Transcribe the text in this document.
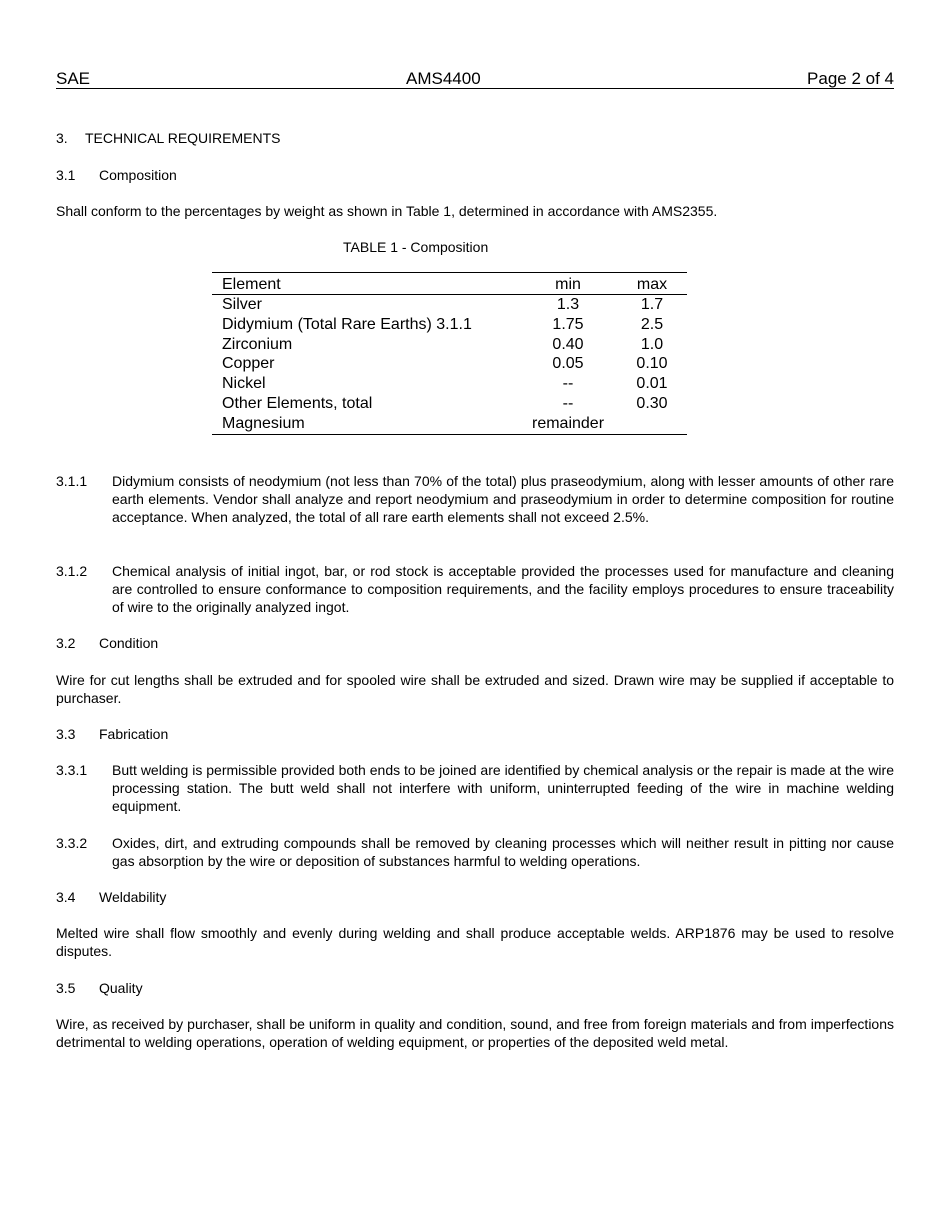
SAE	AMS4400	Page 2 of 4
3. TECHNICAL REQUIREMENTS
3.1 Composition
Shall conform to the percentages by weight as shown in Table 1, determined in accordance with AMS2355.
TABLE 1 - Composition
Element	min	max
Silver	1.3	1.7
Didymium (Total Rare Earths) 3.1.1	1.75	2.5
Zirconium	0.40	1.0
Copper	0.05	0.10
Nickel	--	0.01
Other Elements, total	--	0.30
Magnesium	remainder
3.1.1 Didymium consists of neodymium (not less than 70% of the total) plus praseodymium, along with lesser amounts of other rare earth elements. Vendor shall analyze and report neodymium and praseodymium in order to determine composition for routine acceptance. When analyzed, the total of all rare earth elements shall not exceed 2.5%.
3.1.2 Chemical analysis of initial ingot, bar, or rod stock is acceptable provided the processes used for manufacture and cleaning are controlled to ensure conformance to composition requirements, and the facility employs procedures to ensure traceability of wire to the originally analyzed ingot.
3.2 Condition
Wire for cut lengths shall be extruded and for spooled wire shall be extruded and sized. Drawn wire may be supplied if acceptable to purchaser.
3.3 Fabrication
3.3.1 Butt welding is permissible provided both ends to be joined are identified by chemical analysis or the repair is made at the wire processing station. The butt weld shall not interfere with uniform, uninterrupted feeding of the wire in machine welding equipment.
3.3.2 Oxides, dirt, and extruding compounds shall be removed by cleaning processes which will neither result in pitting nor cause gas absorption by the wire or deposition of substances harmful to welding operations.
3.4 Weldability
Melted wire shall flow smoothly and evenly during welding and shall produce acceptable welds. ARP1876 may be used to resolve disputes.
3.5 Quality
Wire, as received by purchaser, shall be uniform in quality and condition, sound, and free from foreign materials and from imperfections detrimental to welding operations, operation of welding equipment, or properties of the deposited weld metal.
